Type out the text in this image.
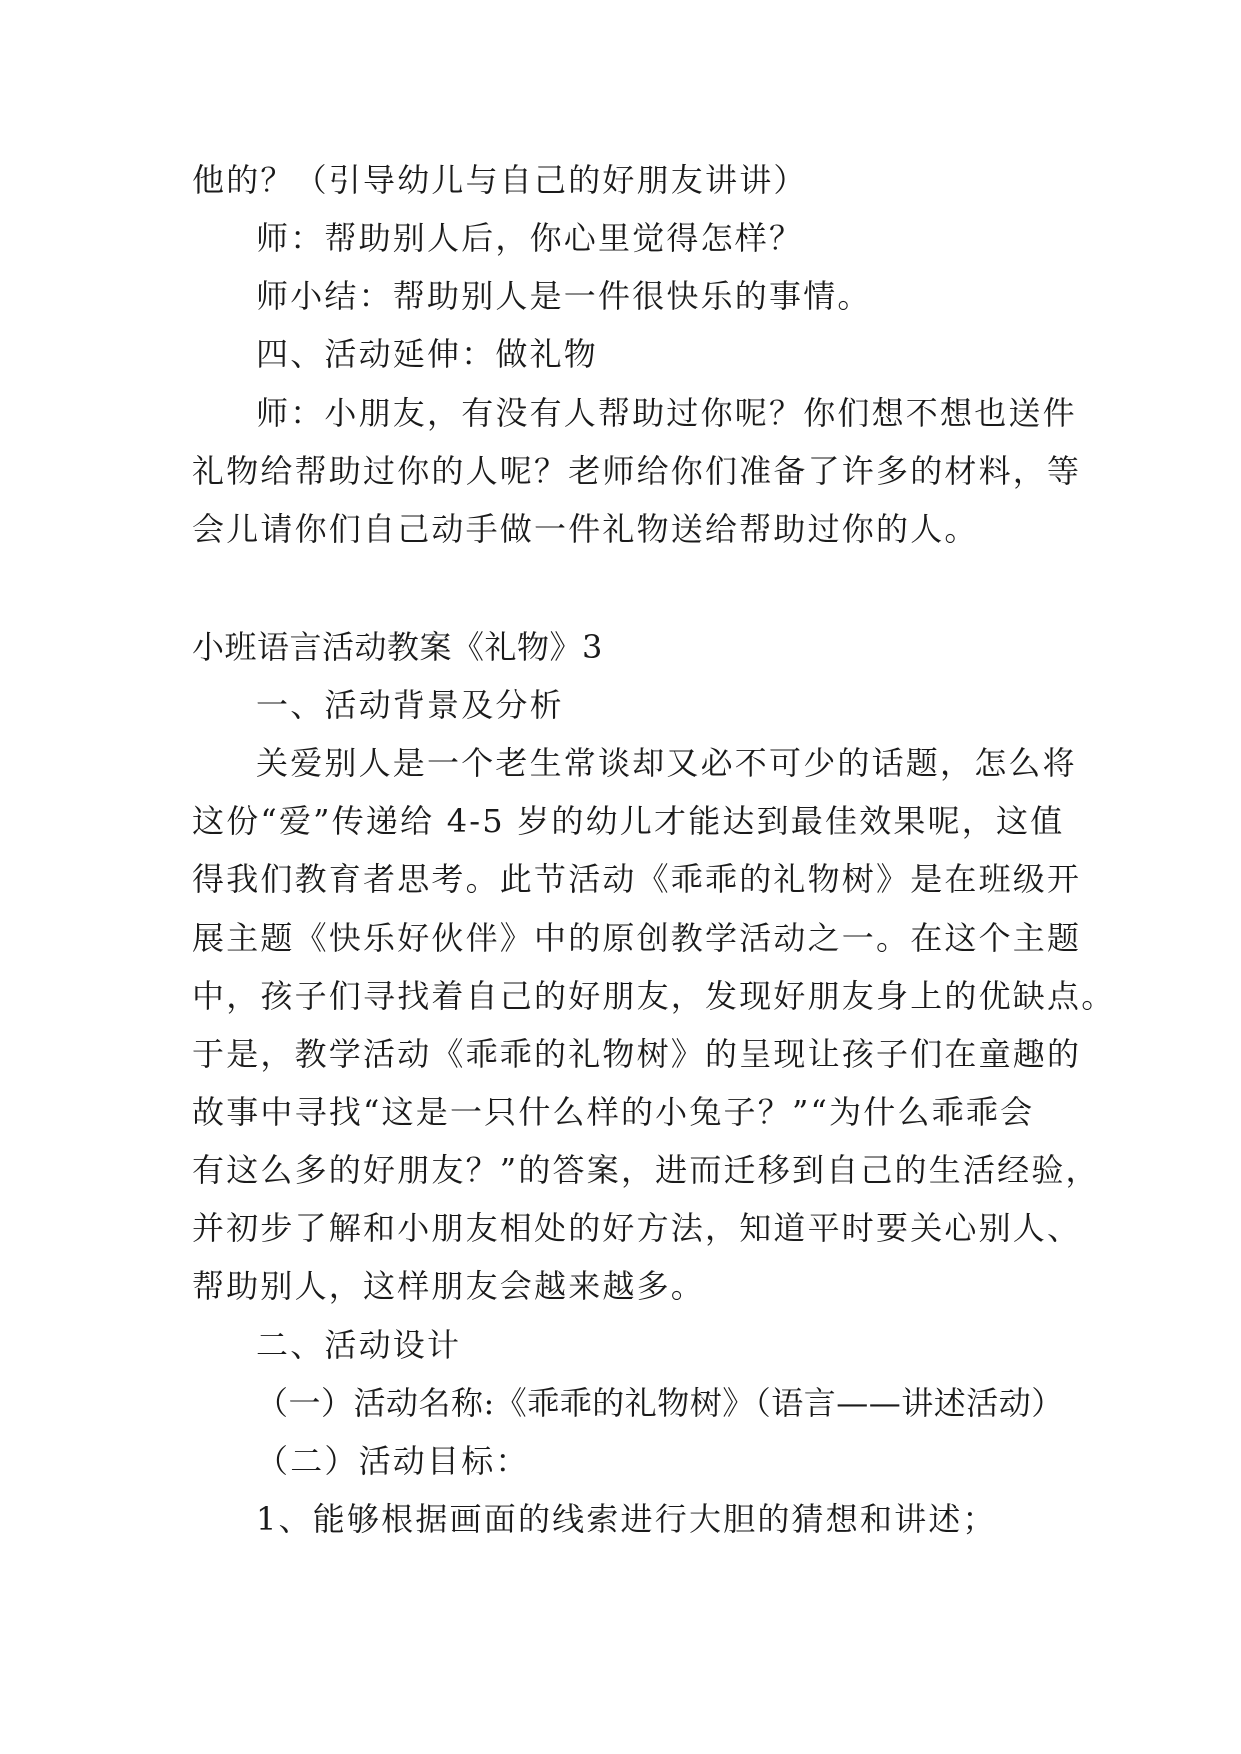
他的？（引导幼儿与自己的好朋友讲讲）
师：帮助别人后，你心里觉得怎样？
师小结：帮助别人是一件很快乐的事情。
四、活动延伸：做礼物
师：小朋友，有没有人帮助过你呢？你们想不想也送件
礼物给帮助过你的人呢？老师给你们准备了许多的材料，等
会儿请你们自己动手做一件礼物送给帮助过你的人。
小班语言活动教案《礼物》3
一、活动背景及分析
关爱别人是一个老生常谈却又必不可少的话题，怎么将
这份“爱”传递给 4-5 岁的幼儿才能达到最佳效果呢，这值
得我们教育者思考。此节活动《乖乖的礼物树》是在班级开
展主题《快乐好伙伴》中的原创教学活动之一。在这个主题
中，孩子们寻找着自己的好朋友，发现好朋友身上的优缺点。
于是，教学活动《乖乖的礼物树》的呈现让孩子们在童趣的
故事中寻找“这是一只什么样的小兔子？”“为什么乖乖会
有这么多的好朋友？”的答案，进而迁移到自己的生活经验，
并初步了解和小朋友相处的好方法，知道平时要关心别人、
帮助别人，这样朋友会越来越多。
二、活动设计
（一）活动名称:《乖乖的礼物树》（语言——讲述活动）
（二）活动目标：
1、能够根据画面的线索进行大胆的猜想和讲述；
